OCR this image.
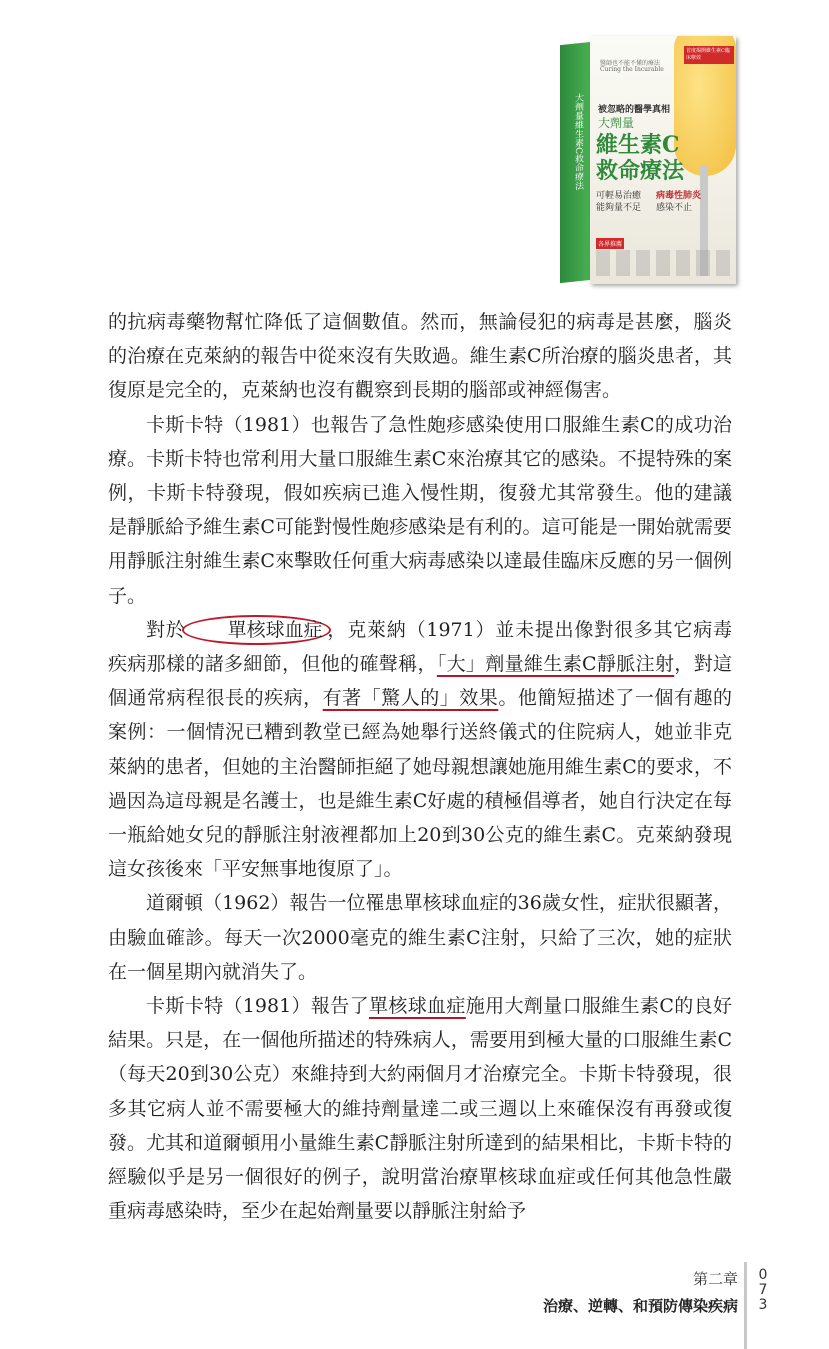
大劑量維生素C救命療法

醫師也不能不懂的療法

Curing the Incurable

首度揭開維生素C臨床療效

被忽略的醫學真相

大劑量

維生素C

救命療法

可輕易治癒

能夠量不足

病毒性肺炎

感染不止

各界推薦

的抗病毒藥物幫忙降低了這個數值。然而，無論侵犯的病毒是甚麼，腦炎的治療在克萊納的報告中從來沒有失敗過。維生素C所治療的腦炎患者，其復原是完全的，克萊納也沒有觀察到長期的腦部或神經傷害。

卡斯卡特（1981）也報告了急性皰疹感染使用口服維生素C的成功治療。卡斯卡特也常利用大量口服維生素C來治療其它的感染。不提特殊的案例，卡斯卡特發現，假如疾病已進入慢性期，復發尤其常發生。他的建議是靜脈給予維生素C可能對慢性皰疹感染是有利的。這可能是一開始就需要用靜脈注射維生素C來擊敗任何重大病毒感染以達最佳臨床反應的另一個例子。

對於 單核球血症 ，克萊納（1971）並未提出像對很多其它病毒疾病那樣的諸多細節，但他的確聲稱，「大」劑量維生素C靜脈注射，對這個通常病程很長的疾病，有著「驚人的」效果。他簡短描述了一個有趣的案例：一個情況已糟到教堂已經為她舉行送終儀式的住院病人，她並非克萊納的患者，但她的主治醫師拒絕了她母親想讓她施用維生素C的要求，不過因為這母親是名護士，也是維生素C好處的積極倡導者，她自行決定在每一瓶給她女兒的靜脈注射液裡都加上20到30公克的維生素C。克萊納發現這女孩後來「平安無事地復原了」。

道爾頓（1962）報告一位罹患單核球血症的36歲女性，症狀很顯著，由驗血確診。每天一次2000毫克的維生素C注射，只給了三次，她的症狀在一個星期內就消失了。

卡斯卡特（1981）報告了單核球血症施用大劑量口服維生素C的良好結果。只是，在一個他所描述的特殊病人，需要用到極大量的口服維生素C（每天20到30公克）來維持到大約兩個月才治療完全。卡斯卡特發現，很多其它病人並不需要極大的維持劑量達二或三週以上來確保沒有再發或復發。尤其和道爾頓用小量維生素C靜脈注射所達到的結果相比，卡斯卡特的經驗似乎是另一個很好的例子，說明當治療單核球血症或任何其他急性嚴重病毒感染時，至少在起始劑量要以靜脈注射給予

第二章

治療、逆轉、和預防傳染疾病

073
